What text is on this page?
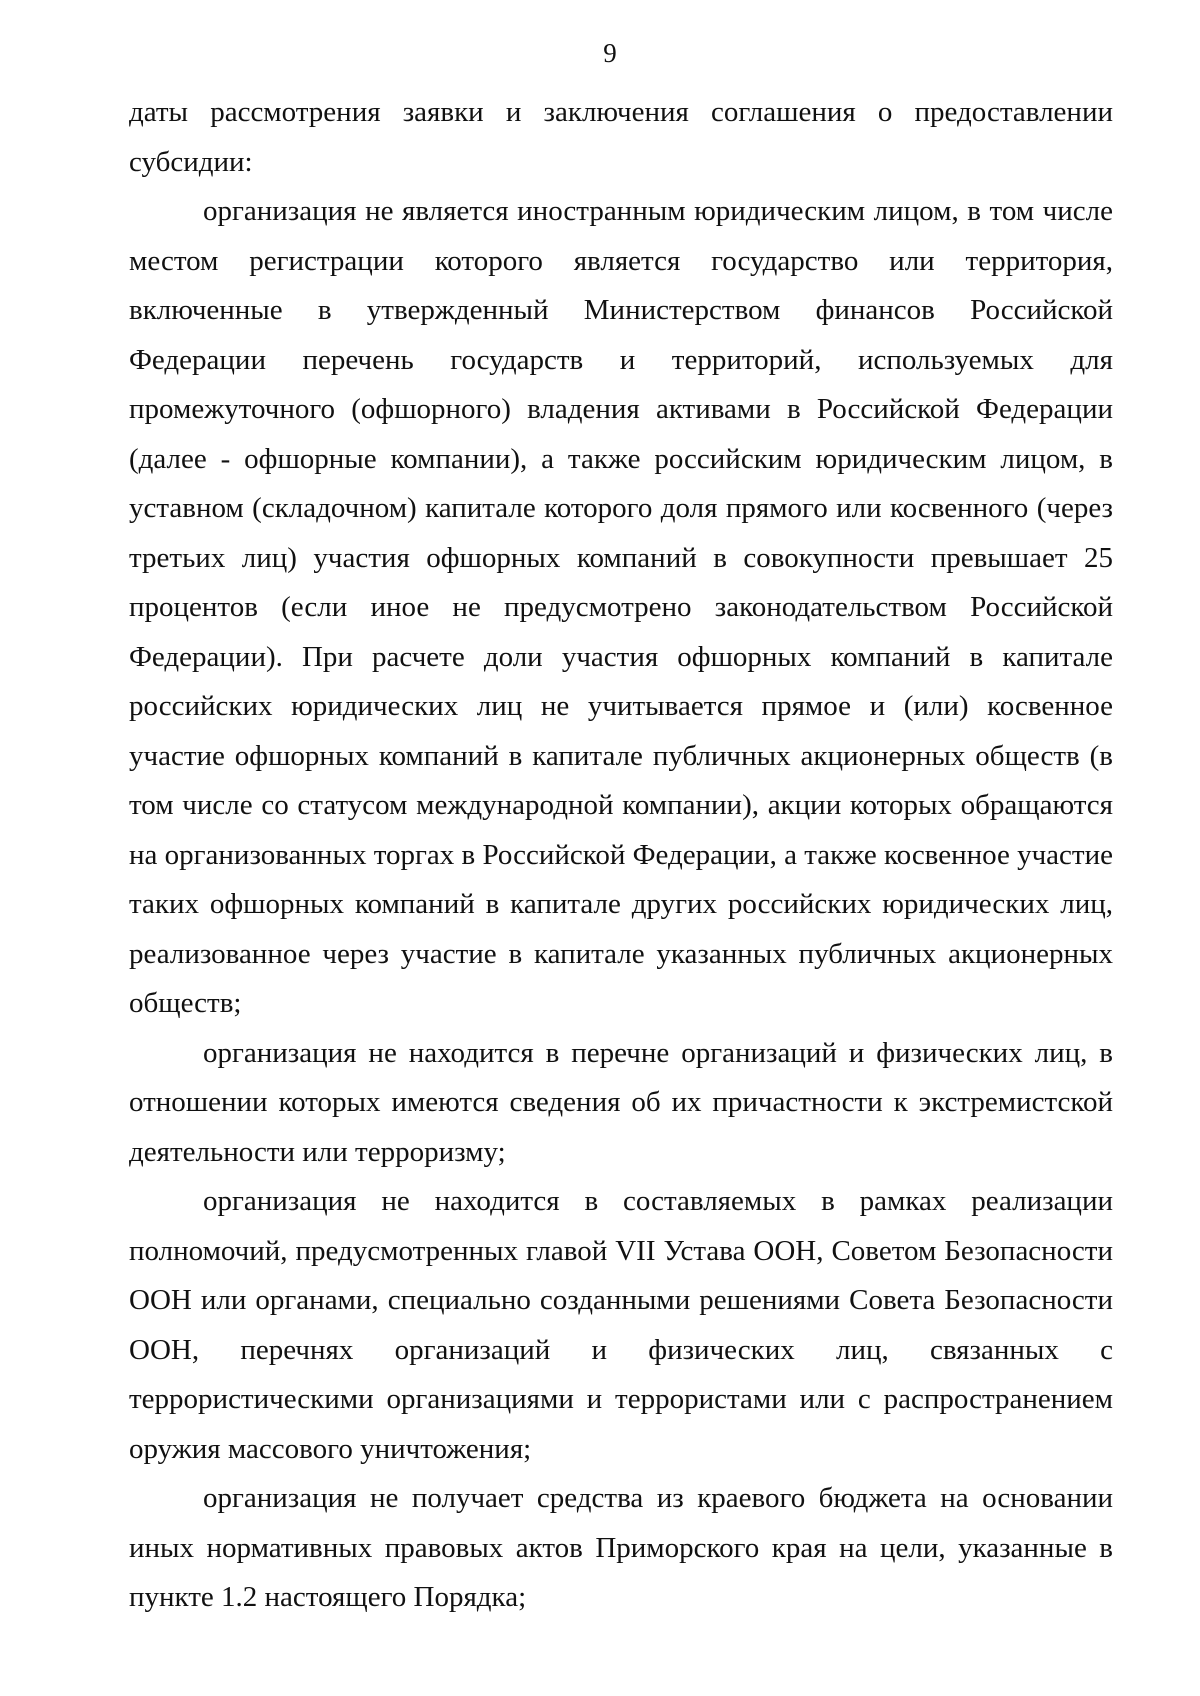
9

даты рассмотрения заявки и заключения соглашения о предоставлении субсидии:

организация не является иностранным юридическим лицом, в том числе местом регистрации которого является государство или территория, включенные в утвержденный Министерством финансов Российской Федерации перечень государств и территорий, используемых для промежуточного (офшорного) владения активами в Российской Федерации (далее - офшорные компании), а также российским юридическим лицом, в уставном (складочном) капитале которого доля прямого или косвенного (через третьих лиц) участия офшорных компаний в совокупности превышает 25 процентов (если иное не предусмотрено законодательством Российской Федерации). При расчете доли участия офшорных компаний в капитале российских юридических лиц не учитывается прямое и (или) косвенное участие офшорных компаний в капитале публичных акционерных обществ (в том числе со статусом международной компании), акции которых обращаются на организованных торгах в Российской Федерации, а также косвенное участие таких офшорных компаний в капитале других российских юридических лиц, реализованное через участие в капитале указанных публичных акционерных обществ;

организация не находится в перечне организаций и физических лиц, в отношении которых имеются сведения об их причастности к экстремистской деятельности или терроризму;

организация не находится в составляемых в рамках реализации полномочий, предусмотренных главой VII Устава ООН, Советом Безопасности ООН или органами, специально созданными решениями Совета Безопасности ООН, перечнях организаций и физических лиц, связанных с террористическими организациями и террористами или с распространением оружия массового уничтожения;

организация не получает средства из краевого бюджета на основании иных нормативных правовых актов Приморского края на цели, указанные в пункте 1.2 настоящего Порядка;
